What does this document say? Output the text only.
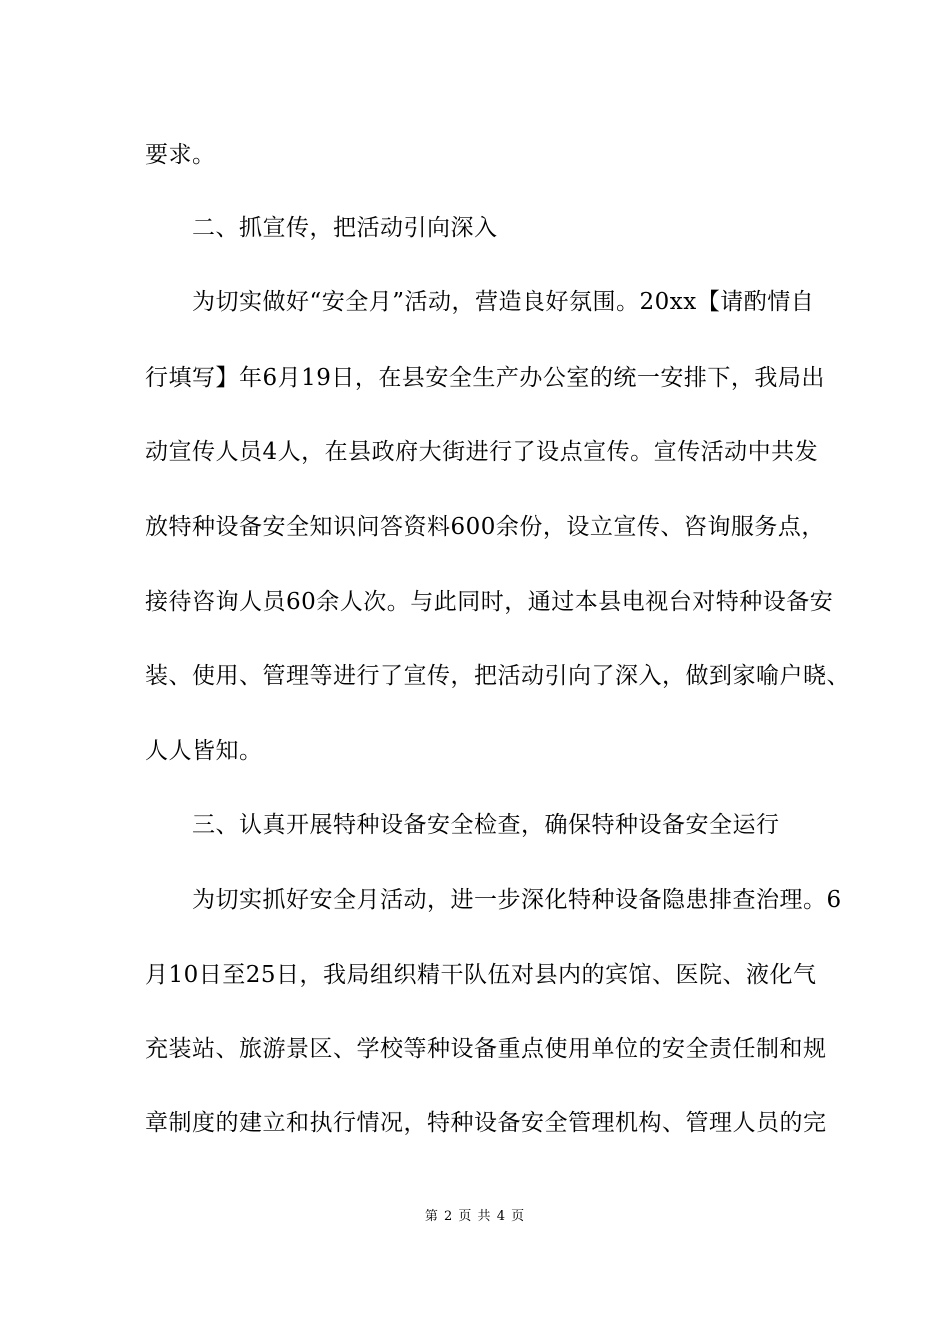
要求。
二、抓宣传，把活动引向深入
为切实做好“安全月”活动，营造良好氛围。20xx【请酌情自
行填写】年6月19日，在县安全生产办公室的统一安排下，我局出
动宣传人员4人，在县政府大街进行了设点宣传。宣传活动中共发
放特种设备安全知识问答资料600余份，设立宣传、咨询服务点，
接待咨询人员60余人次。与此同时，通过本县电视台对特种设备安
装、使用、管理等进行了宣传，把活动引向了深入，做到家喻户晓、
人人皆知。
三、认真开展特种设备安全检查，确保特种设备安全运行
为切实抓好安全月活动，进一步深化特种设备隐患排查治理。6
月10日至25日，我局组织精干队伍对县内的宾馆、医院、液化气
充装站、旅游景区、学校等种设备重点使用单位的安全责任制和规
章制度的建立和执行情况，特种设备安全管理机构、管理人员的完
第 2 页 共 4 页
